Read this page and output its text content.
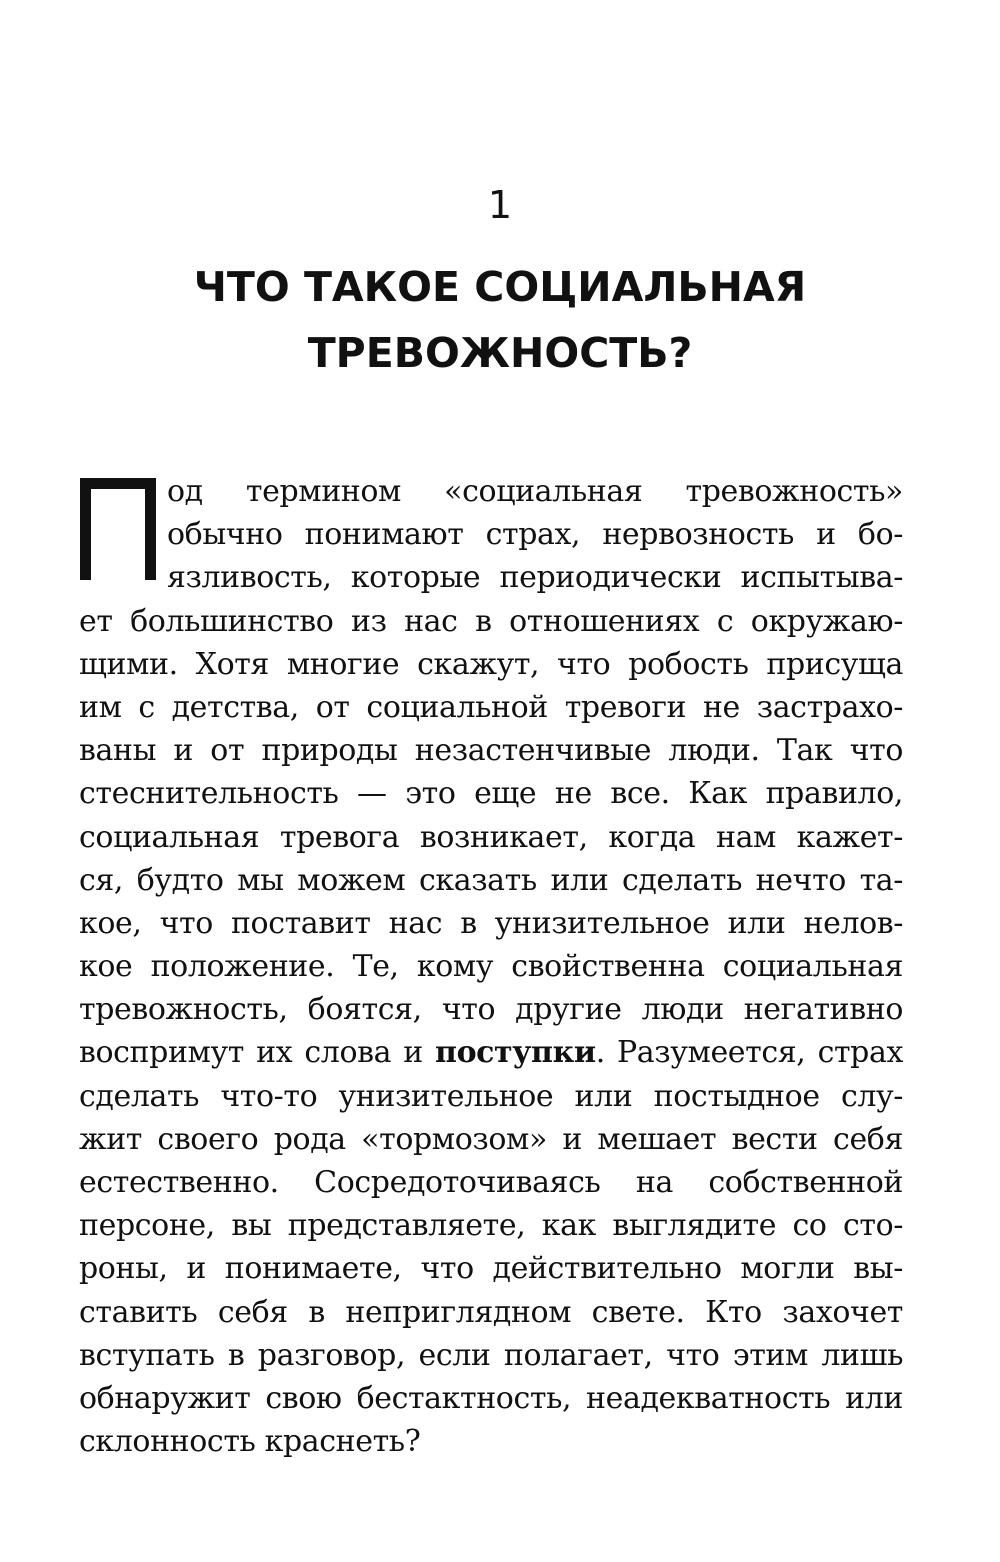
1
ЧТО ТАКОЕ СОЦИАЛЬНАЯ
ТРЕВОЖНОСТЬ?
од термином «социальная тревожность»
обычно понимают страх, нервозность и бо-
язливость, которые периодически испытыва-
ет большинство из нас в отношениях с окружаю-
щими. Хотя многие скажут, что робость присуща
им с детства, от социальной тревоги не застрахо-
ваны и от природы незастенчивые люди. Так что
стеснительность — это еще не все. Как правило,
социальная тревога возникает, когда нам кажет-
ся, будто мы можем сказать или сделать нечто та-
кое, что поставит нас в унизительное или нелов-
кое положение. Те, кому свойственна социальная
тревожность, боятся, что другие люди негативно
воспримут их слова и поступки. Разумеется, страх
сделать что-то унизительное или постыдное слу-
жит своего рода «тормозом» и мешает вести себя
естественно. Сосредоточиваясь на собственной
персоне, вы представляете, как выглядите со сто-
роны, и понимаете, что действительно могли вы-
ставить себя в неприглядном свете. Кто захочет
вступать в разговор, если полагает, что этим лишь
обнаружит свою бестактность, неадекватность или
склонность краснеть?
